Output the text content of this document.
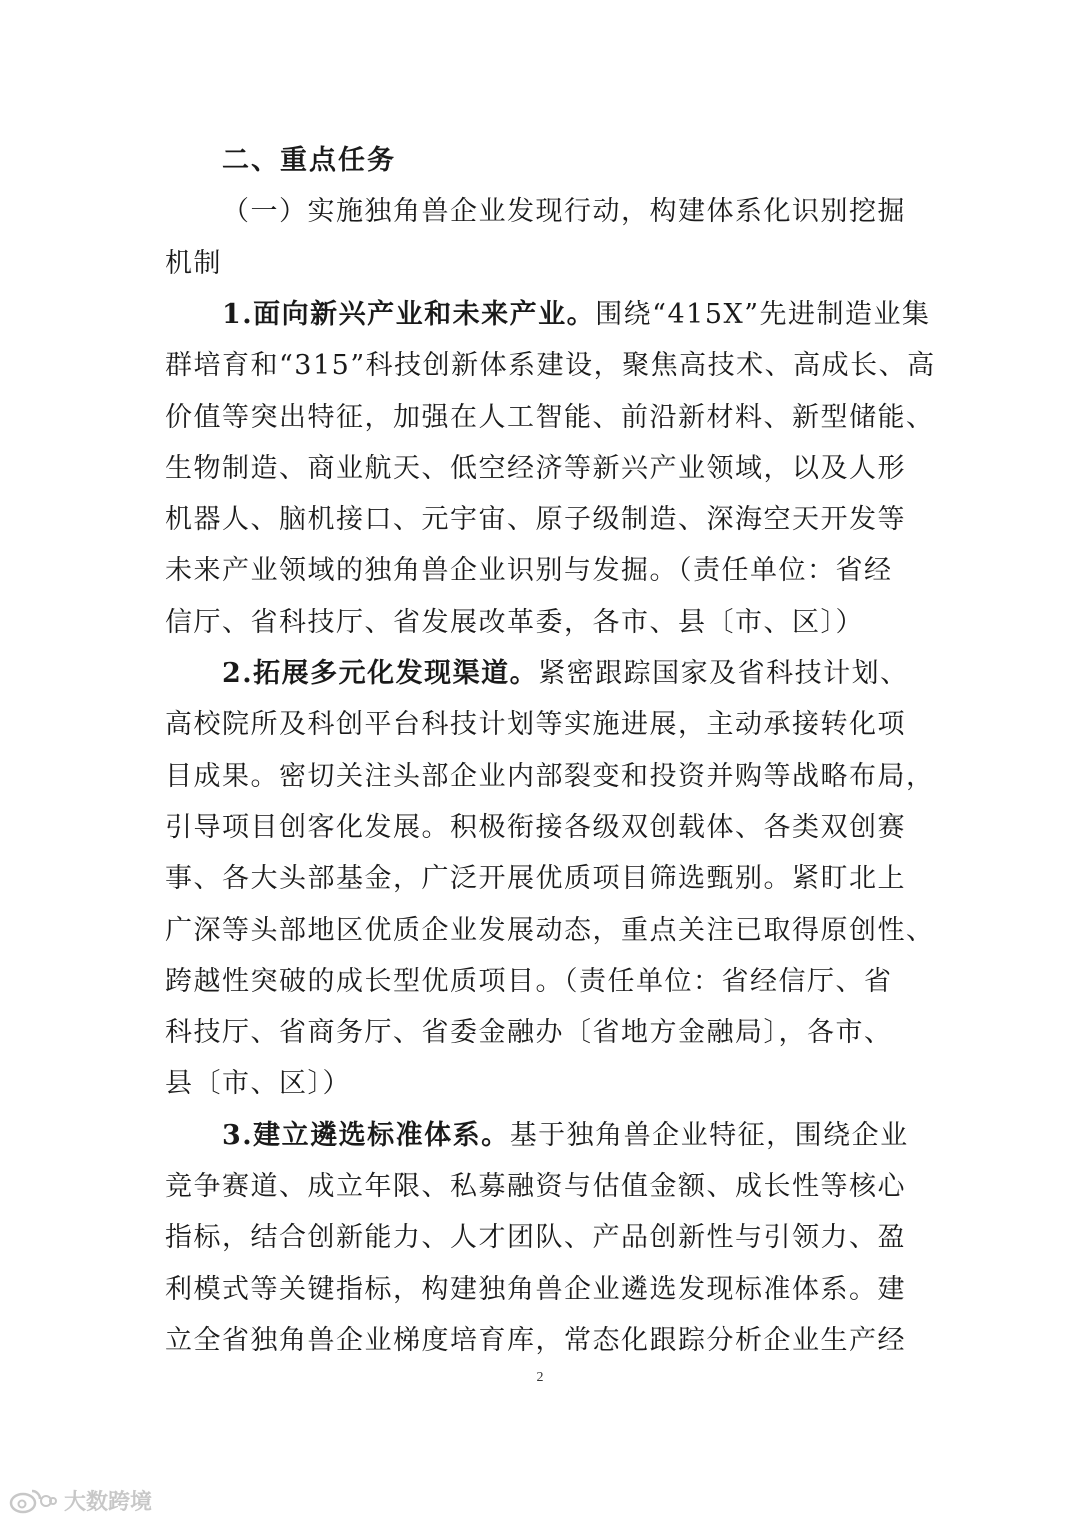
二、重点任务
（一）实施独角兽企业发现行动，构建体系化识别挖掘
机制
1.面向新兴产业和未来产业。围绕“415X”先进制造业集
群培育和“315”科技创新体系建设，聚焦高技术、高成长、高
价值等突出特征，加强在人工智能、前沿新材料、新型储能、
生物制造、商业航天、低空经济等新兴产业领域，以及人形
机器人、脑机接口、元宇宙、原子级制造、深海空天开发等
未来产业领域的独角兽企业识别与发掘。（责任单位：省经
信厅、省科技厅、省发展改革委，各市、县〔市、区〕）
2.拓展多元化发现渠道。紧密跟踪国家及省科技计划、
高校院所及科创平台科技计划等实施进展，主动承接转化项
目成果。密切关注头部企业内部裂变和投资并购等战略布局，
引导项目创客化发展。积极衔接各级双创载体、各类双创赛
事、各大头部基金，广泛开展优质项目筛选甄别。紧盯北上
广深等头部地区优质企业发展动态，重点关注已取得原创性、
跨越性突破的成长型优质项目。（责任单位：省经信厅、省
科技厅、省商务厅、省委金融办〔省地方金融局〕，各市、
县〔市、区〕）
3.建立遴选标准体系。基于独角兽企业特征，围绕企业
竞争赛道、成立年限、私募融资与估值金额、成长性等核心
指标，结合创新能力、人才团队、产品创新性与引领力、盈
利模式等关键指标，构建独角兽企业遴选发现标准体系。建
立全省独角兽企业梯度培育库，常态化跟踪分析企业生产经
2
大数跨境
